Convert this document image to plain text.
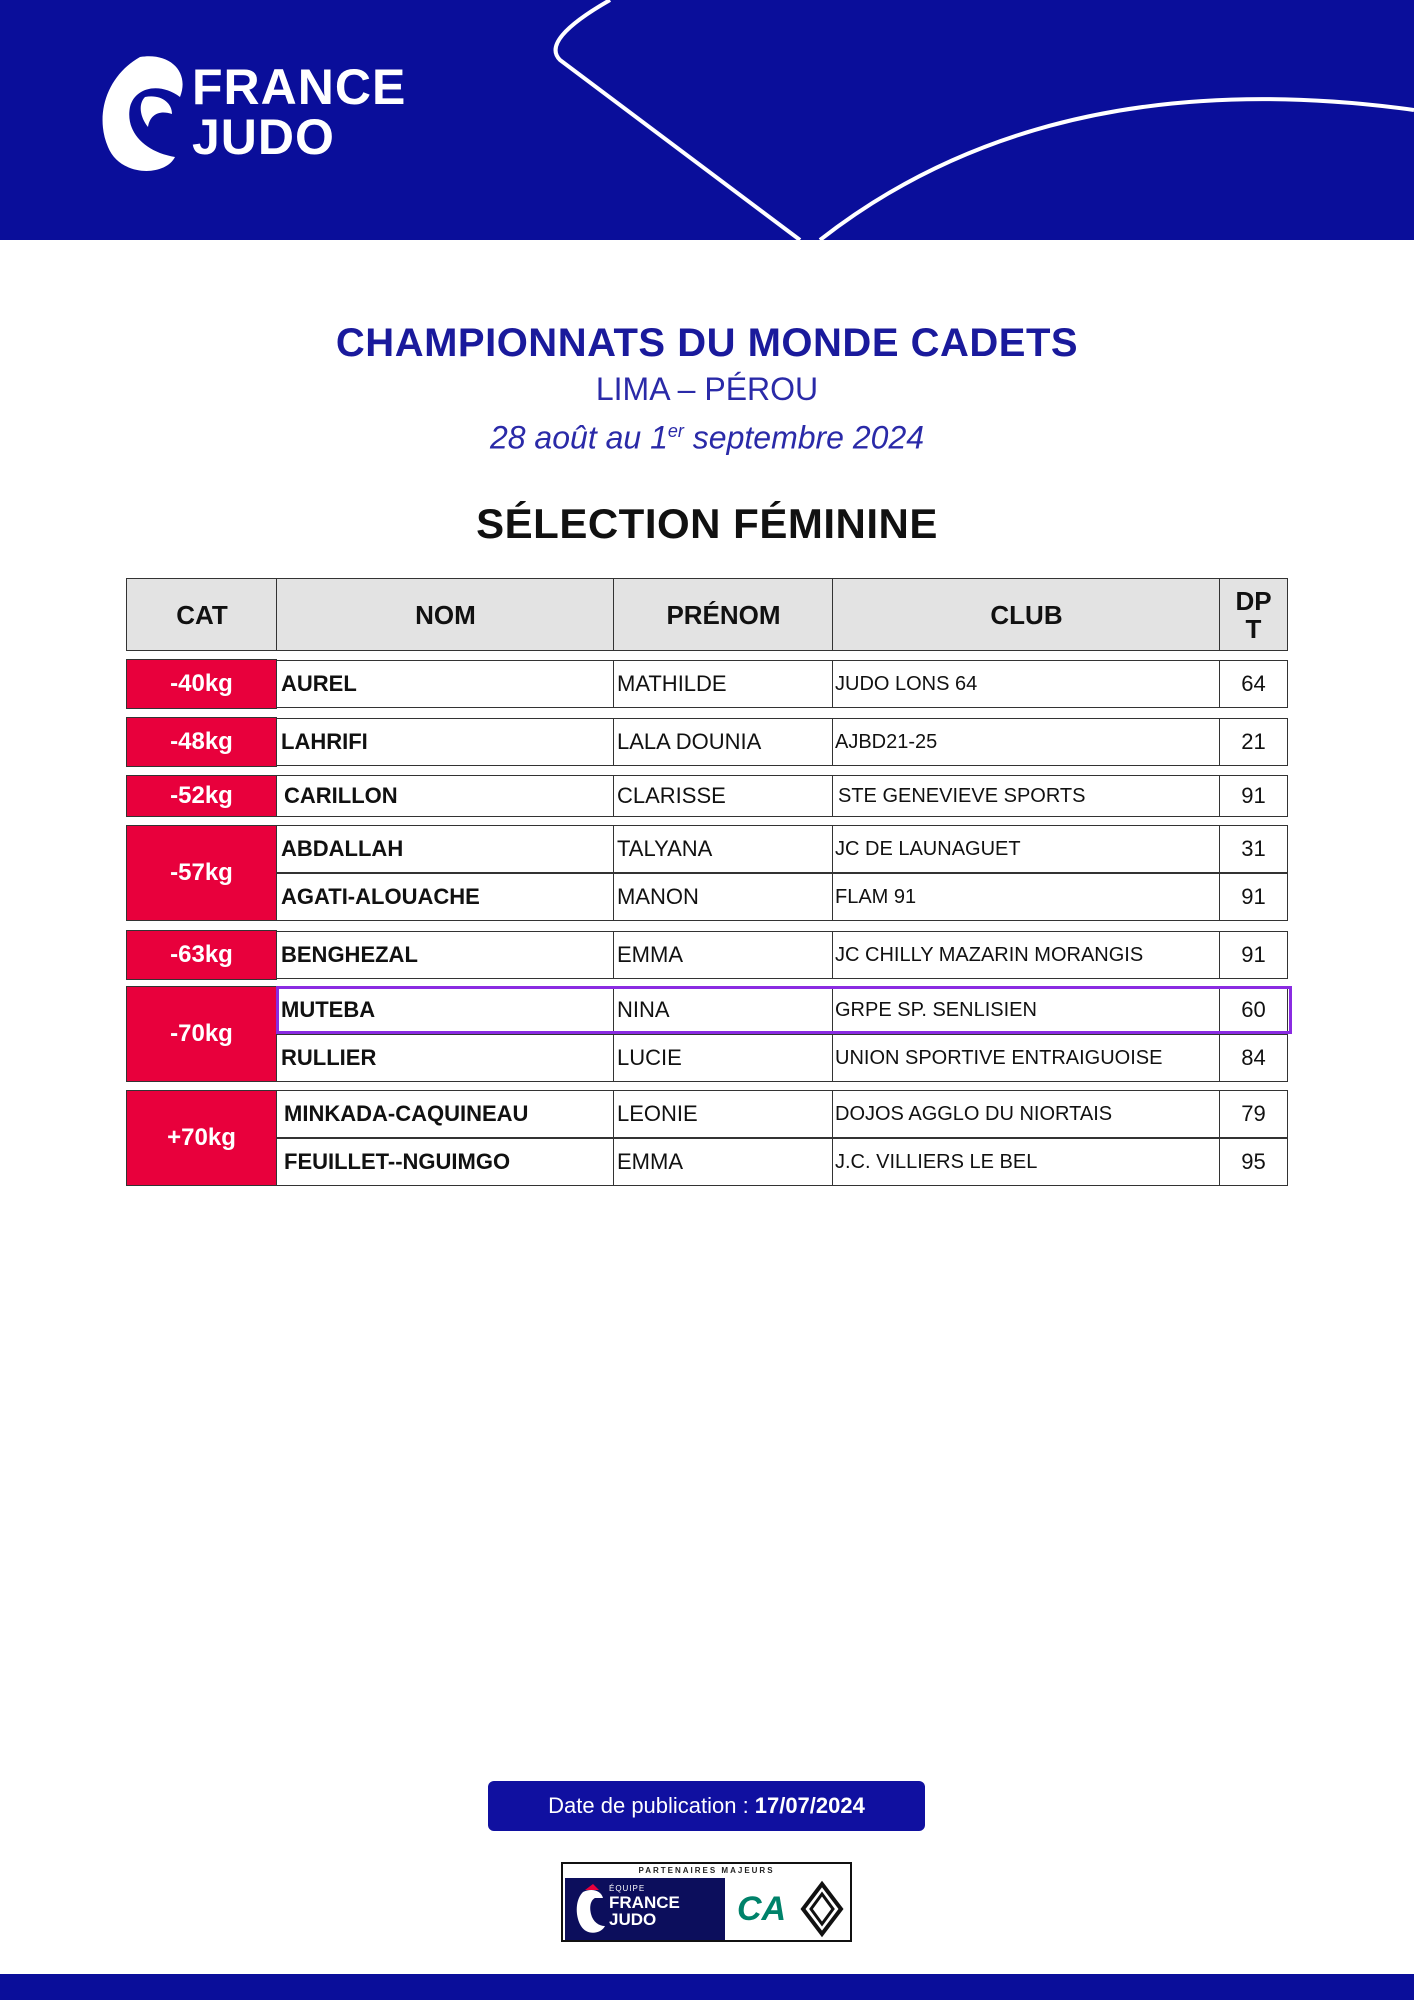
FRANCE
JUDO
CHAMPIONNATS DU MONDE CADETS
LIMA – PÉROU
28 août au 1er septembre 2024
SÉLECTION FÉMININE
CAT	NOM	PRÉNOM	CLUB	DP
T
-40kg	AUREL	MATHILDE	JUDO LONS 64	64
-48kg	LAHRIFI	LALA DOUNIA	AJBD21-25	21
-52kg	CARILLON	CLARISSE	STE GENEVIEVE SPORTS	91
-57kg
ABDALLAH	TALYANA	JC DE LAUNAGUET	31
AGATI-ALOUACHE	MANON	FLAM 91	91
-63kg	BENGHEZAL	EMMA	JC CHILLY MAZARIN MORANGIS	91
-70kg
MUTEBA	NINA	GRPE SP. SENLISIEN	60
RULLIER	LUCIE	UNION SPORTIVE ENTRAIGUOISE	84
+70kg
MINKADA-CAQUINEAU	LEONIE	DOJOS AGGLO DU NIORTAIS	79
FEUILLET--NGUIMGO	EMMA	J.C. VILLIERS LE BEL	95
Date de publication : 17/07/2024
PARTENAIRES MAJEURS
ÉQUIPE
FRANCE
JUDO	CA
